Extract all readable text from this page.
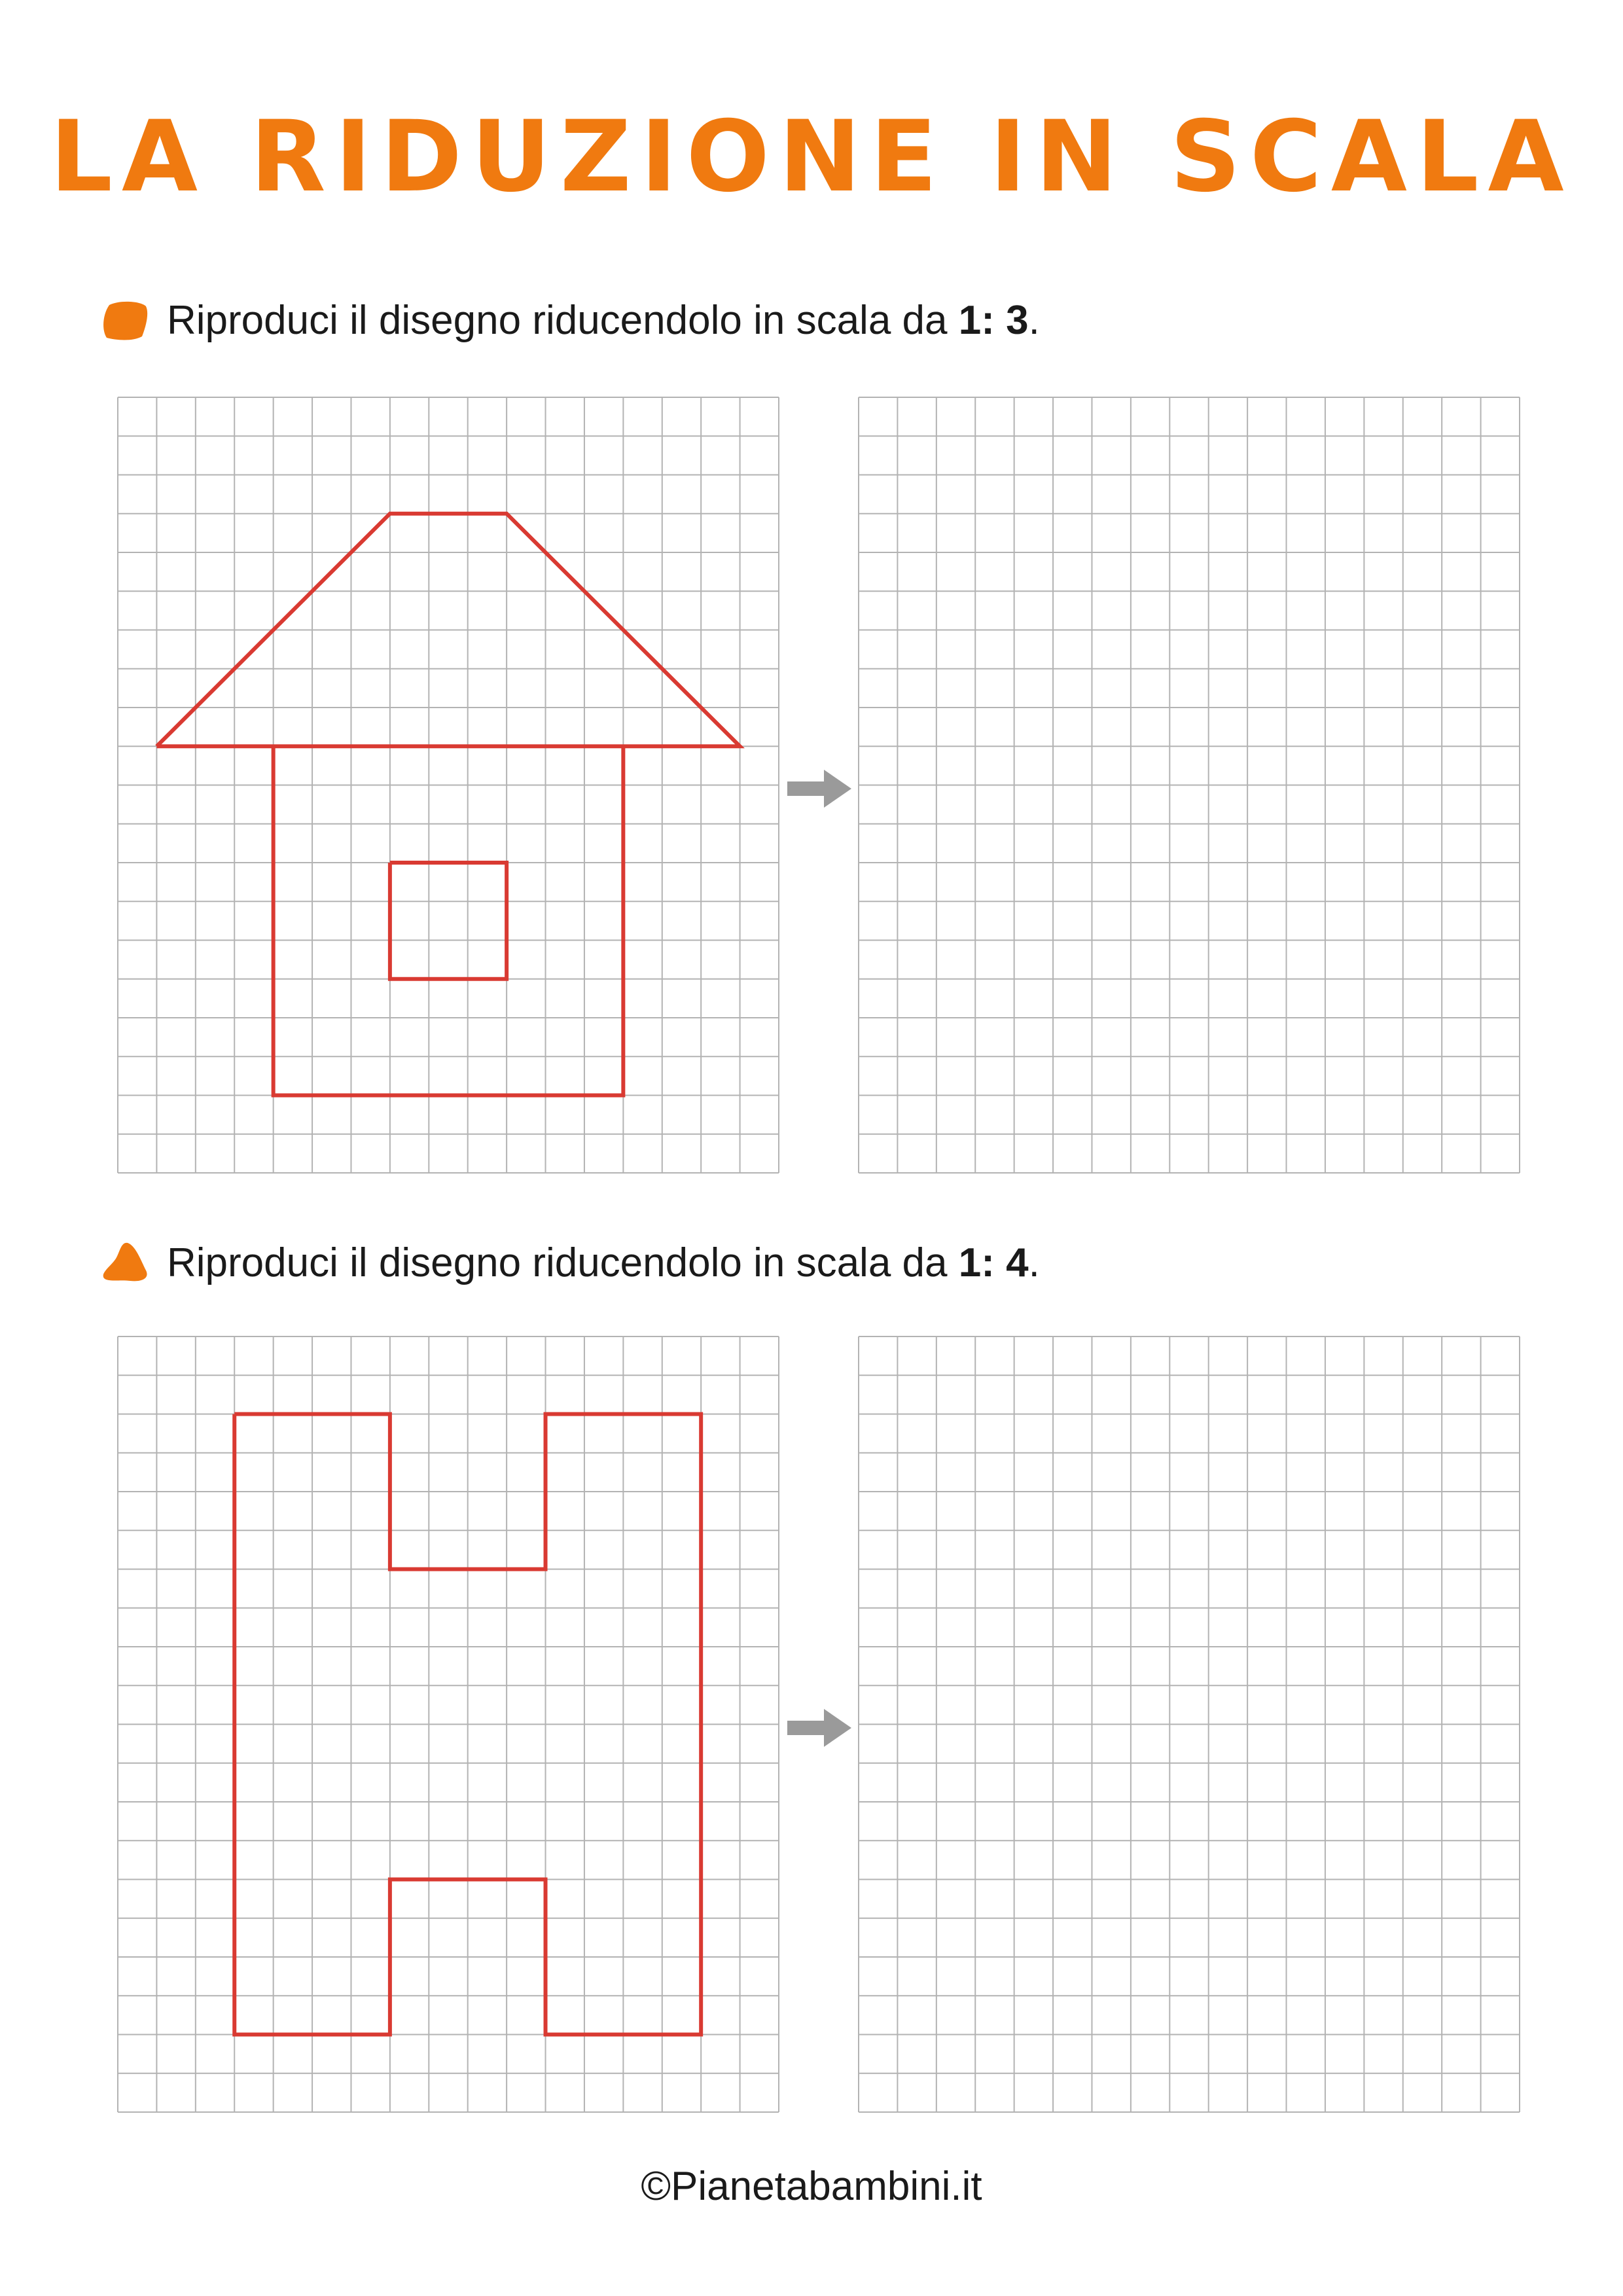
LA RIDUZIONE IN SCALA
Riproduci il disegno riducendolo in scala da 1: 3.
Riproduci il disegno riducendolo in scala da 1: 4.
©Pianetabambini.it
